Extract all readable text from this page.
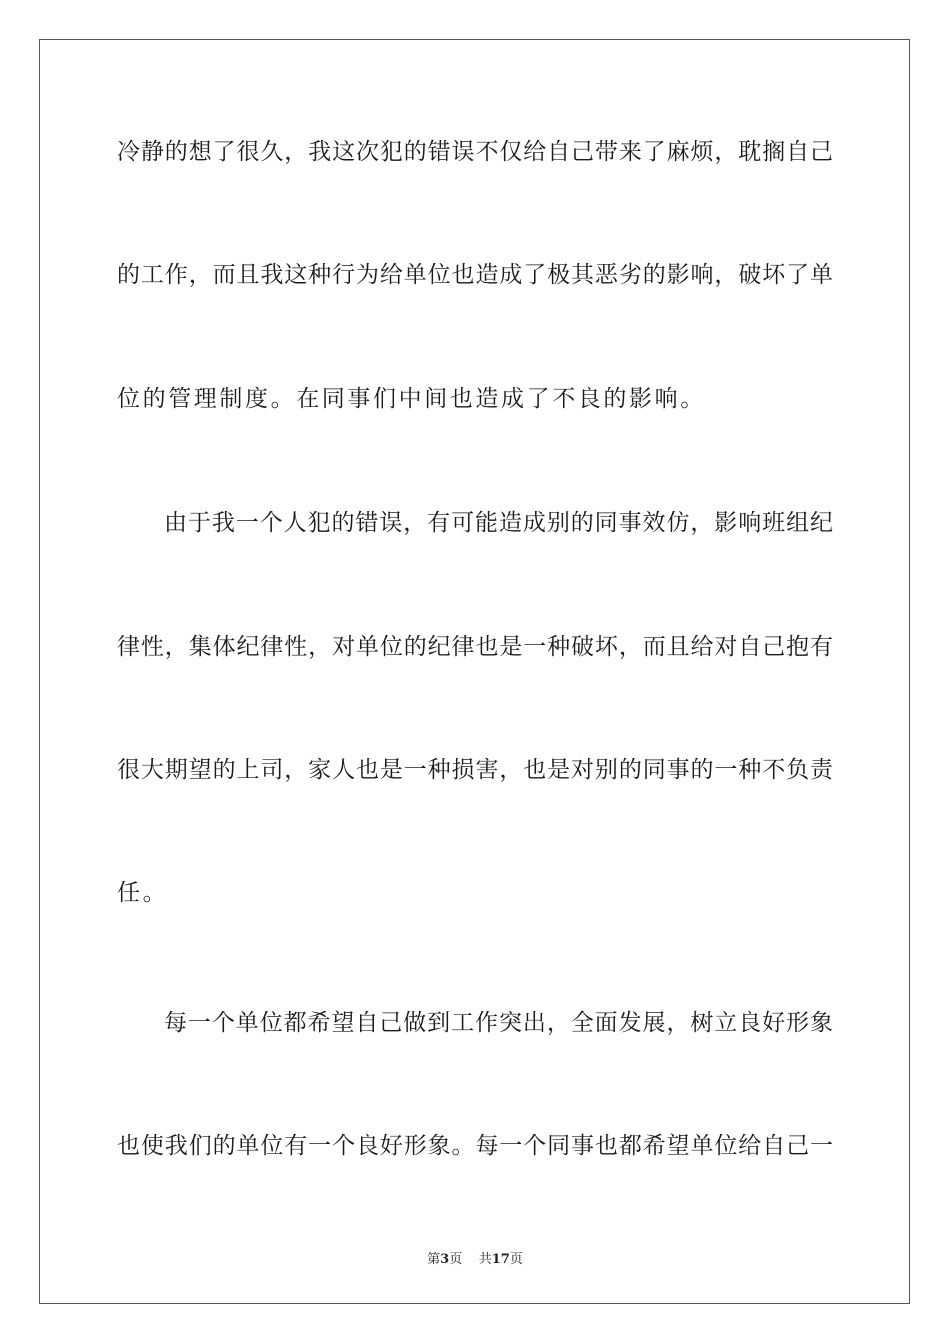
冷静的想了很久，我这次犯的错误不仅给自己带来了麻烦，耽搁自己
的工作，而且我这种行为给单位也造成了极其恶劣的影响，破坏了单
位的管理制度。在同事们中间也造成了不良的影响。
由于我一个人犯的错误，有可能造成别的同事效仿，影响班组纪
律性，集体纪律性，对单位的纪律也是一种破坏，而且给对自己抱有
很大期望的上司，家人也是一种损害，也是对别的同事的一种不负责
任。
每一个单位都希望自己做到工作突出，全面发展，树立良好形象
也使我们的单位有一个良好形象。每一个同事也都希望单位给自己一
第3页 共17页
